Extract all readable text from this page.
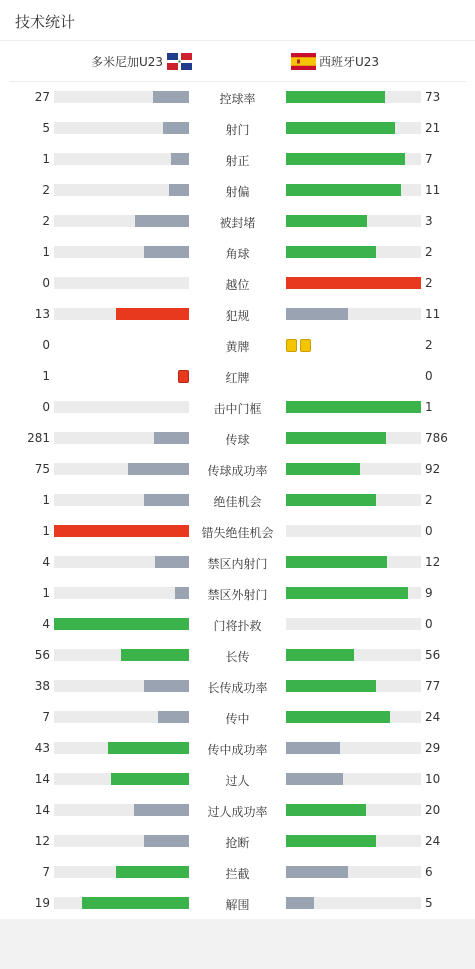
技术统计
多米尼加U23	西班牙U23
27	控球率	73
5	射门	21
1	射正	7
2	射偏	11
2	被封堵	3
1	角球	2
0	越位	2
13	犯规	11
0	黄牌	2
1	红牌	0
0	击中门框	1
281	传球	786
75	传球成功率	92
1	绝佳机会	2
1	错失绝佳机会	0
4	禁区内射门	12
1	禁区外射门	9
4	门将扑救	0
56	长传	56
38	长传成功率	77
7	传中	24
43	传中成功率	29
14	过人	10
14	过人成功率	20
12	抢断	24
7	拦截	6
19	解围	5
